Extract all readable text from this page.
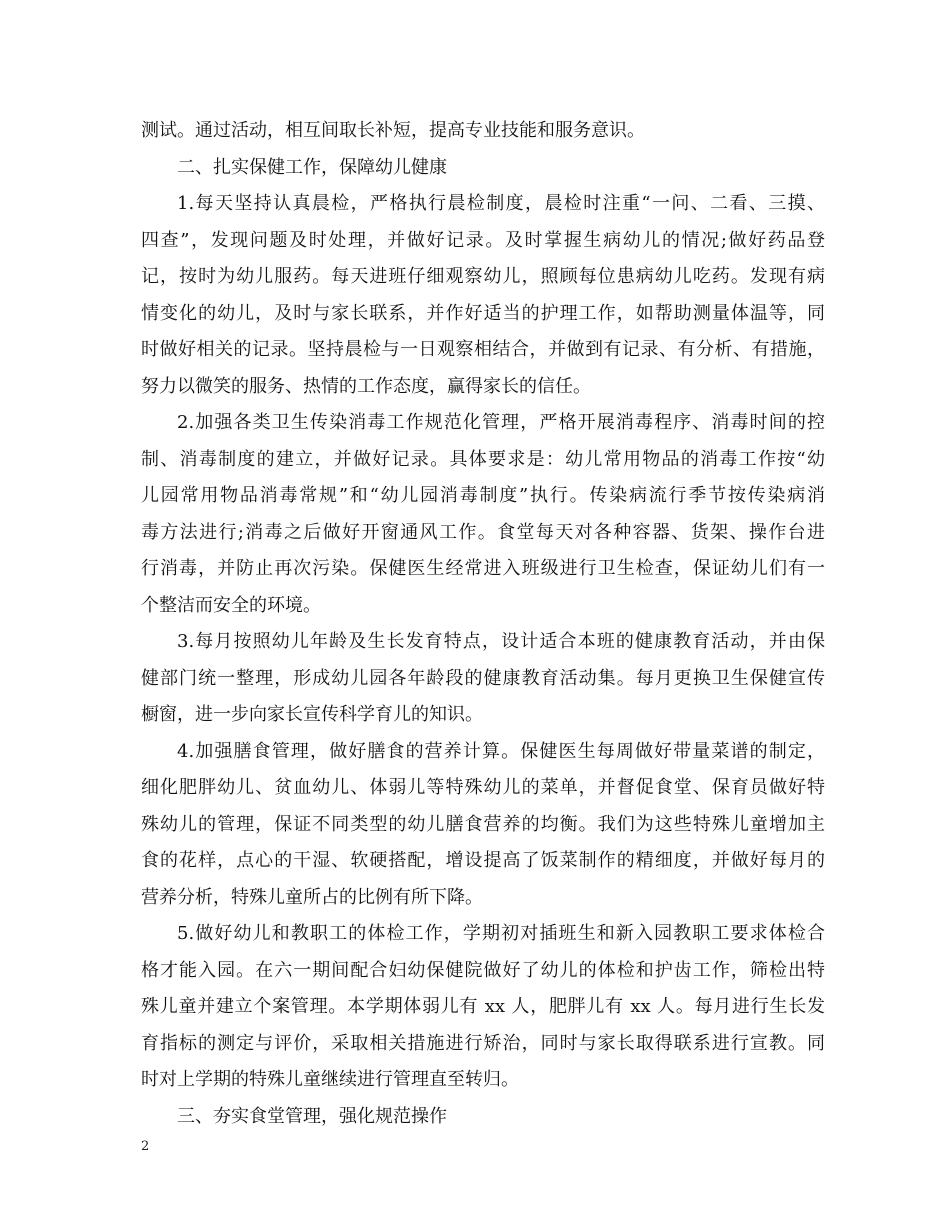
测试。通过活动，相互间取长补短，提高专业技能和服务意识。
二、扎实保健工作，保障幼儿健康
1.每天坚持认真晨检，严格执行晨检制度，晨检时注重“一问、二看、三摸、
四查”，发现问题及时处理，并做好记录。及时掌握生病幼儿的情况;做好药品登
记，按时为幼儿服药。每天进班仔细观察幼儿，照顾每位患病幼儿吃药。发现有病
情变化的幼儿，及时与家长联系，并作好适当的护理工作，如帮助测量体温等，同
时做好相关的记录。坚持晨检与一日观察相结合，并做到有记录、有分析、有措施，
努力以微笑的服务、热情的工作态度，赢得家长的信任。
2.加强各类卫生传染消毒工作规范化管理，严格开展消毒程序、消毒时间的控
制、消毒制度的建立，并做好记录。具体要求是：幼儿常用物品的消毒工作按“幼
儿园常用物品消毒常规”和“幼儿园消毒制度”执行。传染病流行季节按传染病消
毒方法进行;消毒之后做好开窗通风工作。食堂每天对各种容器、货架、操作台进
行消毒，并防止再次污染。保健医生经常进入班级进行卫生检查，保证幼儿们有一
个整洁而安全的环境。
3.每月按照幼儿年龄及生长发育特点，设计适合本班的健康教育活动，并由保
健部门统一整理，形成幼儿园各年龄段的健康教育活动集。每月更换卫生保健宣传
橱窗，进一步向家长宣传科学育儿的知识。
4.加强膳食管理，做好膳食的营养计算。保健医生每周做好带量菜谱的制定，
细化肥胖幼儿、贫血幼儿、体弱儿等特殊幼儿的菜单，并督促食堂、保育员做好特
殊幼儿的管理，保证不同类型的幼儿膳食营养的均衡。我们为这些特殊儿童增加主
食的花样，点心的干湿、软硬搭配，增设提高了饭菜制作的精细度，并做好每月的
营养分析，特殊儿童所占的比例有所下降。
5.做好幼儿和教职工的体检工作，学期初对插班生和新入园教职工要求体检合
格才能入园。在六一期间配合妇幼保健院做好了幼儿的体检和护齿工作，筛检出特
殊儿童并建立个案管理。本学期体弱儿有 xx 人，肥胖儿有 xx 人。每月进行生长发
育指标的测定与评价，采取相关措施进行矫治，同时与家长取得联系进行宣教。同
时对上学期的特殊儿童继续进行管理直至转归。
三、夯实食堂管理，强化规范操作
2
